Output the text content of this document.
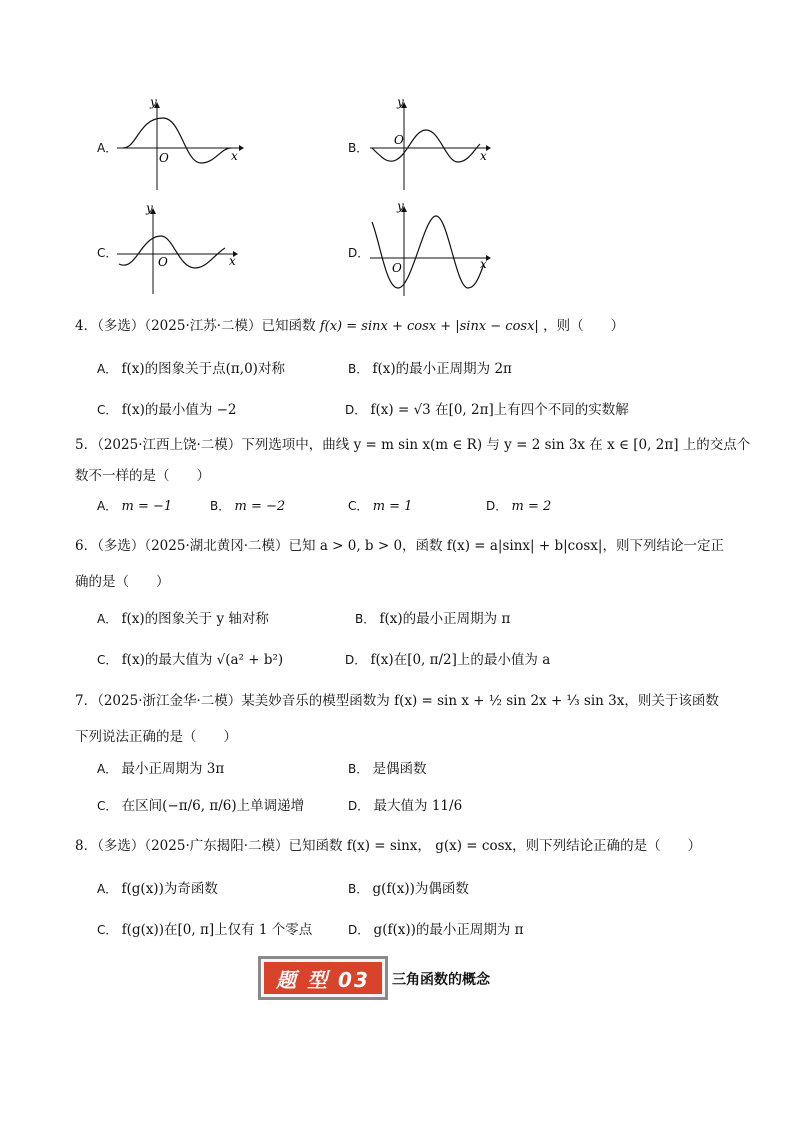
A．
y
x
O
B．
y
x
O
C．
y
x
O
D．
y
x
O
4．（多选）（2025·江苏·二模）已知函数 f(x) = sinx + cosx + |sinx − cosx| ，则（　　）
A． f(x)的图象关于点(π,0)对称	B． f(x)的最小正周期为 2π
C． f(x)的最小值为 −2	D． f(x) = √3 在[0, 2π]上有四个不同的实数解
5．（2025·江西上饶·二模）下列选项中，曲线 y = m sin x(m ∈ R) 与 y = 2 sin 3x 在 x ∈ [0, 2π] 上的交点个
数不一样的是（　　）
A． m = −1	B． m = −2	C． m = 1	D． m = 2
6．（多选）（2025·湖北黄冈·二模）已知 a > 0, b > 0，函数 f(x) = a|sinx| + b|cosx|，则下列结论一定正
确的是（　　）
A． f(x)的图象关于 y 轴对称	B． f(x)的最小正周期为 π
C． f(x)的最大值为 √(a² + b²)	D． f(x)在[0, π/2]上的最小值为 a
7．（2025·浙江金华·二模）某美妙音乐的模型函数为 f(x) = sin x + ½ sin 2x + ⅓ sin 3x，则关于该函数
下列说法正确的是（　　）
A． 最小正周期为 3π	B． 是偶函数
C． 在区间(−π/6, π/6)上单调递增	D． 最大值为 11/6
8．（多选）（2025·广东揭阳·二模）已知函数 f(x) = sinx， g(x) = cosx，则下列结论正确的是（　　）
A． f(g(x))为奇函数	B． g(f(x))为偶函数
C． f(g(x))在[0, π]上仅有 1 个零点	D． g(f(x))的最小正周期为 π
题 型 03	三角函数的概念
